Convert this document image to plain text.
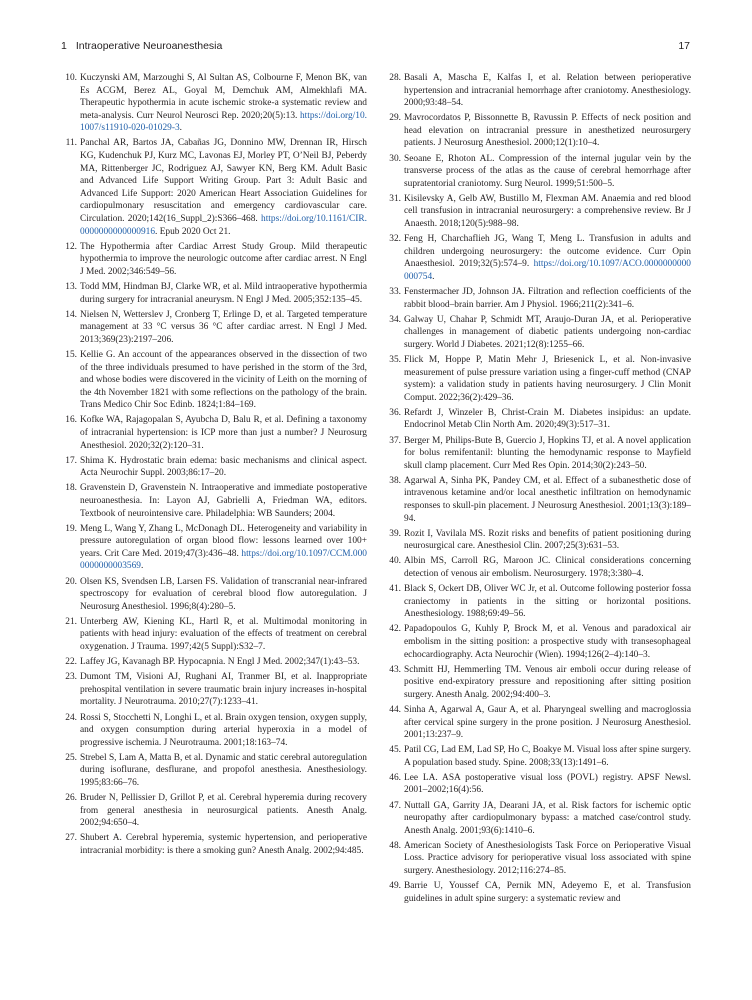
1 Intraoperative Neuroanesthesia	17
10. Kuczynski AM, Marzoughi S, Al Sultan AS, Colbourne F, Menon BK, van Es ACGM, Berez AL, Goyal M, Demchuk AM, Almekhlafi MA. Therapeutic hypothermia in acute ischemic stroke-a systematic review and meta-analysis. Curr Neurol Neurosci Rep. 2020;20(5):13. https://doi.org/10.1007/s11910-020-01029-3.
11. Panchal AR, Bartos JA, Cabañas JG, Donnino MW, Drennan IR, Hirsch KG, Kudenchuk PJ, Kurz MC, Lavonas EJ, Morley PT, O’Neil BJ, Peberdy MA, Rittenberger JC, Rodriguez AJ, Sawyer KN, Berg KM. Adult Basic and Advanced Life Support Writing Group. Part 3: Adult Basic and Advanced Life Support: 2020 American Heart Association Guidelines for cardiopulmonary resuscitation and emergency cardiovascular care. Circulation. 2020;142(16_Suppl_2):S366–468. https://doi.org/10.1161/CIR.0000000000000916. Epub 2020 Oct 21.
12. The Hypothermia after Cardiac Arrest Study Group. Mild therapeutic hypothermia to improve the neurologic outcome after cardiac arrest. N Engl J Med. 2002;346:549–56.
13. Todd MM, Hindman BJ, Clarke WR, et al. Mild intraoperative hypothermia during surgery for intracranial aneurysm. N Engl J Med. 2005;352:135–45.
14. Nielsen N, Wetterslev J, Cronberg T, Erlinge D, et al. Targeted temperature management at 33 °C versus 36 °C after cardiac arrest. N Engl J Med. 2013;369(23):2197–206.
15. Kellie G. An account of the appearances observed in the dissection of two of the three individuals presumed to have perished in the storm of the 3rd, and whose bodies were discovered in the vicinity of Leith on the morning of the 4th November 1821 with some reflections on the pathology of the brain. Trans Medico Chir Soc Edinb. 1824;1:84–169.
16. Kofke WA, Rajagopalan S, Ayubcha D, Balu R, et al. Defining a taxonomy of intracranial hypertension: is ICP more than just a number? J Neurosurg Anesthesiol. 2020;32(2):120–31.
17. Shima K. Hydrostatic brain edema: basic mechanisms and clinical aspect. Acta Neurochir Suppl. 2003;86:17–20.
18. Gravenstein D, Gravenstein N. Intraoperative and immediate postoperative neuroanesthesia. In: Layon AJ, Gabrielli A, Friedman WA, editors. Textbook of neurointensive care. Philadelphia: WB Saunders; 2004.
19. Meng L, Wang Y, Zhang L, McDonagh DL. Heterogeneity and variability in pressure autoregulation of organ blood flow: lessons learned over 100+ years. Crit Care Med. 2019;47(3):436–48. https://doi.org/10.1097/CCM.0000000000003569.
20. Olsen KS, Svendsen LB, Larsen FS. Validation of transcranial near-infrared spectroscopy for evaluation of cerebral blood flow autoregulation. J Neurosurg Anesthesiol. 1996;8(4):280–5.
21. Unterberg AW, Kiening KL, Hartl R, et al. Multimodal monitoring in patients with head injury: evaluation of the effects of treatment on cerebral oxygenation. J Trauma. 1997;42(5 Suppl):S32–7.
22. Laffey JG, Kavanagh BP. Hypocapnia. N Engl J Med. 2002;347(1):43–53.
23. Dumont TM, Visioni AJ, Rughani AI, Tranmer BI, et al. Inappropriate prehospital ventilation in severe traumatic brain injury increases in-hospital mortality. J Neurotrauma. 2010;27(7):1233–41.
24. Rossi S, Stocchetti N, Longhi L, et al. Brain oxygen tension, oxygen supply, and oxygen consumption during arterial hyperoxia in a model of progressive ischemia. J Neurotrauma. 2001;18:163–74.
25. Strebel S, Lam A, Matta B, et al. Dynamic and static cerebral autoregulation during isoflurane, desflurane, and propofol anesthesia. Anesthesiology. 1995;83:66–76.
26. Bruder N, Pellissier D, Grillot P, et al. Cerebral hyperemia during recovery from general anesthesia in neurosurgical patients. Anesth Analg. 2002;94:650–4.
27. Shubert A. Cerebral hyperemia, systemic hypertension, and perioperative intracranial morbidity: is there a smoking gun? Anesth Analg. 2002;94:485.
28. Basali A, Mascha E, Kalfas I, et al. Relation between perioperative hypertension and intracranial hemorrhage after craniotomy. Anesthesiology. 2000;93:48–54.
29. Mavrocordatos P, Bissonnette B, Ravussin P. Effects of neck position and head elevation on intracranial pressure in anesthetized neurosurgery patients. J Neurosurg Anesthesiol. 2000;12(1):10–4.
30. Seoane E, Rhoton AL. Compression of the internal jugular vein by the transverse process of the atlas as the cause of cerebral hemorrhage after supratentorial craniotomy. Surg Neurol. 1999;51:500–5.
31. Kisilevsky A, Gelb AW, Bustillo M, Flexman AM. Anaemia and red blood cell transfusion in intracranial neurosurgery: a comprehensive review. Br J Anaesth. 2018;120(5):988–98.
32. Feng H, Charchaflieh JG, Wang T, Meng L. Transfusion in adults and children undergoing neurosurgery: the outcome evidence. Curr Opin Anaesthesiol. 2019;32(5):574–9. https://doi.org/10.1097/ACO.0000000000000754.
33. Fenstermacher JD, Johnson JA. Filtration and reflection coefficients of the rabbit blood–brain barrier. Am J Physiol. 1966;211(2):341–6.
34. Galway U, Chahar P, Schmidt MT, Araujo-Duran JA, et al. Perioperative challenges in management of diabetic patients undergoing non-cardiac surgery. World J Diabetes. 2021;12(8):1255–66.
35. Flick M, Hoppe P, Matin Mehr J, Briesenick L, et al. Non-invasive measurement of pulse pressure variation using a finger-cuff method (CNAP system): a validation study in patients having neurosurgery. J Clin Monit Comput. 2022;36(2):429–36.
36. Refardt J, Winzeler B, Christ-Crain M. Diabetes insipidus: an update. Endocrinol Metab Clin North Am. 2020;49(3):517–31.
37. Berger M, Philips-Bute B, Guercio J, Hopkins TJ, et al. A novel application for bolus remifentanil: blunting the hemodynamic response to Mayfield skull clamp placement. Curr Med Res Opin. 2014;30(2):243–50.
38. Agarwal A, Sinha PK, Pandey CM, et al. Effect of a subanesthetic dose of intravenous ketamine and/or local anesthetic infiltration on hemodynamic responses to skull-pin placement. J Neurosurg Anesthesiol. 2001;13(3):189–94.
39. Rozit I, Vavilala MS. Rozit risks and benefits of patient positioning during neurosurgical care. Anesthesiol Clin. 2007;25(3):631–53.
40. Albin MS, Carroll RG, Maroon JC. Clinical considerations concerning detection of venous air embolism. Neurosurgery. 1978;3:380–4.
41. Black S, Ockert DB, Oliver WC Jr, et al. Outcome following posterior fossa craniectomy in patients in the sitting or horizontal positions. Anesthesiology. 1988;69:49–56.
42. Papadopoulos G, Kuhly P, Brock M, et al. Venous and paradoxical air embolism in the sitting position: a prospective study with transesophageal echocardiography. Acta Neurochir (Wien). 1994;126(2–4):140–3.
43. Schmitt HJ, Hemmerling TM. Venous air emboli occur during release of positive end-expiratory pressure and repositioning after sitting position surgery. Anesth Analg. 2002;94:400–3.
44. Sinha A, Agarwal A, Gaur A, et al. Pharyngeal swelling and macroglossia after cervical spine surgery in the prone position. J Neurosurg Anesthesiol. 2001;13:237–9.
45. Patil CG, Lad EM, Lad SP, Ho C, Boakye M. Visual loss after spine surgery. A population based study. Spine. 2008;33(13):1491–6.
46. Lee LA. ASA postoperative visual loss (POVL) registry. APSF Newsl. 2001–2002;16(4):56.
47. Nuttall GA, Garrity JA, Dearani JA, et al. Risk factors for ischemic optic neuropathy after cardiopulmonary bypass: a matched case/control study. Anesth Analg. 2001;93(6):1410–6.
48. American Society of Anesthesiologists Task Force on Perioperative Visual Loss. Practice advisory for perioperative visual loss associated with spine surgery. Anesthesiology. 2012;116:274–85.
49. Barrie U, Youssef CA, Pernik MN, Adeyemo E, et al. Transfusion guidelines in adult spine surgery: a systematic review and
